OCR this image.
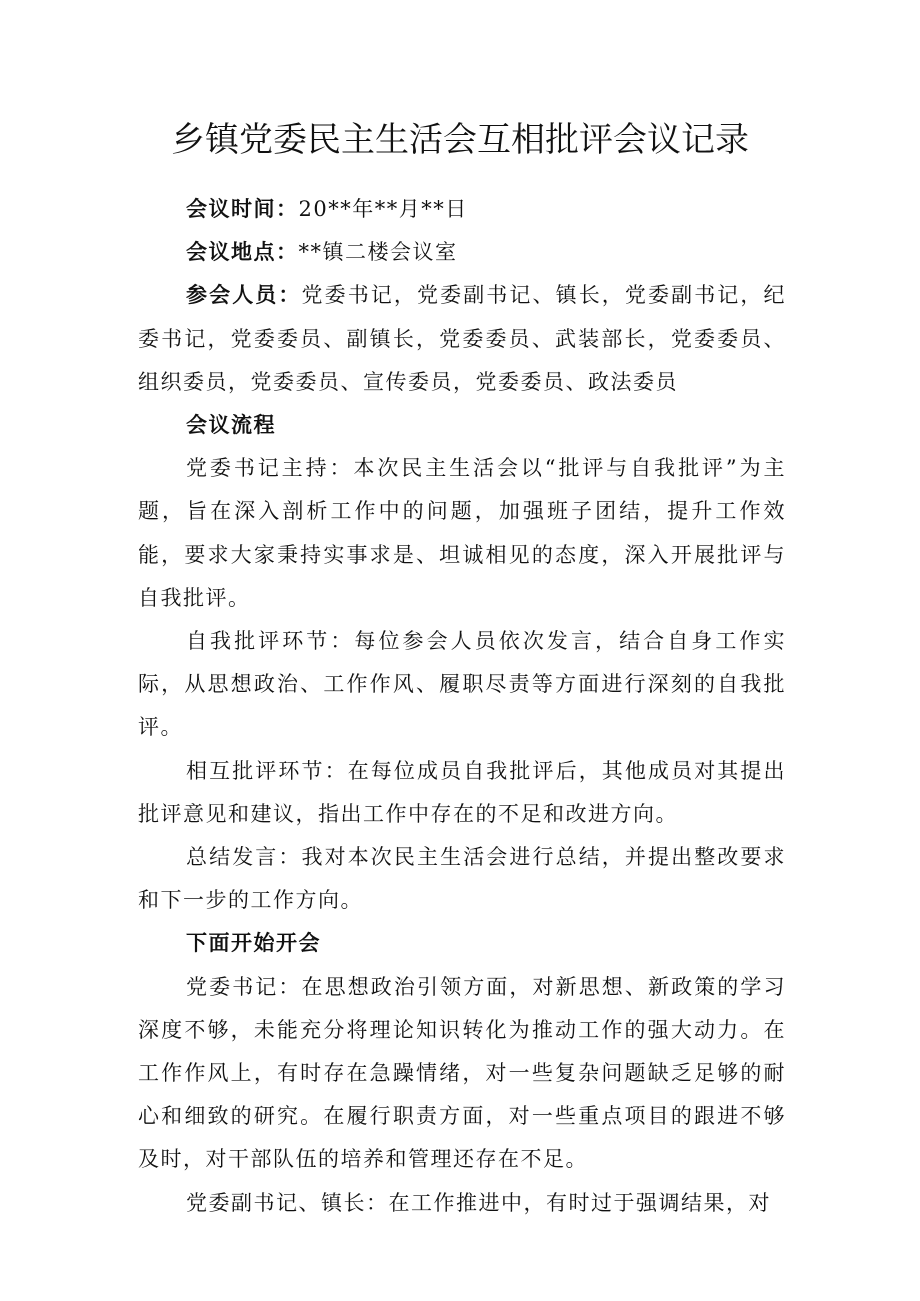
乡镇党委民主生活会互相批评会议记录

会议时间：20**年**月**日

会议地点：**镇二楼会议室

参会人员：党委书记，党委副书记、镇长，党委副书记，纪委书记，党委委员、副镇长，党委委员、武装部长，党委委员、组织委员，党委委员、宣传委员，党委委员、政法委员

会议流程

党委书记主持：本次民主生活会以“批评与自我批评”为主题，旨在深入剖析工作中的问题，加强班子团结，提升工作效能，要求大家秉持实事求是、坦诚相见的态度，深入开展批评与自我批评。

自我批评环节：每位参会人员依次发言，结合自身工作实际，从思想政治、工作作风、履职尽责等方面进行深刻的自我批评。

相互批评环节：在每位成员自我批评后，其他成员对其提出批评意见和建议，指出工作中存在的不足和改进方向。

总结发言：我对本次民主生活会进行总结，并提出整改要求和下一步的工作方向。

下面开始开会

党委书记：在思想政治引领方面，对新思想、新政策的学习深度不够，未能充分将理论知识转化为推动工作的强大动力。在工作作风上，有时存在急躁情绪，对一些复杂问题缺乏足够的耐心和细致的研究。在履行职责方面，对一些重点项目的跟进不够及时，对干部队伍的培养和管理还存在不足。

党委副书记、镇长：在工作推进中，有时过于强调结果，对
